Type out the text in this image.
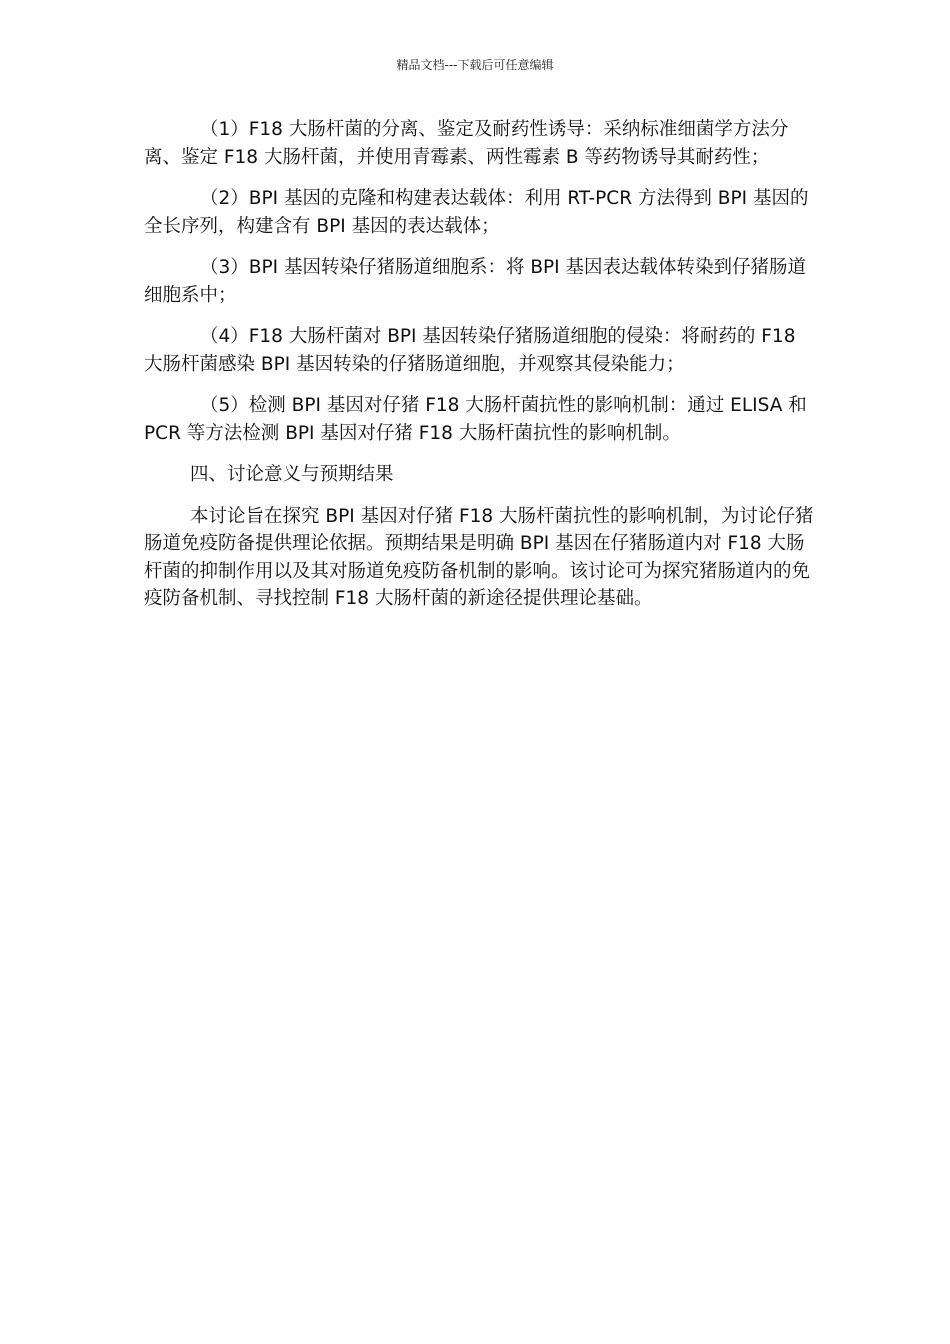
精品文档---下载后可任意编辑

（1）F18 大肠杆菌的分离、鉴定及耐药性诱导：采纳标准细菌学方法分离、鉴定 F18 大肠杆菌，并使用青霉素、两性霉素 B 等药物诱导其耐药性；

（2）BPI 基因的克隆和构建表达载体：利用 RT-PCR 方法得到 BPI 基因的全长序列，构建含有 BPI 基因的表达载体；

（3）BPI 基因转染仔猪肠道细胞系：将 BPI 基因表达载体转染到仔猪肠道细胞系中；

（4）F18 大肠杆菌对 BPI 基因转染仔猪肠道细胞的侵染：将耐药的 F18 大肠杆菌感染 BPI 基因转染的仔猪肠道细胞，并观察其侵染能力；

（5）检测 BPI 基因对仔猪 F18 大肠杆菌抗性的影响机制：通过 ELISA 和 PCR 等方法检测 BPI 基因对仔猪 F18 大肠杆菌抗性的影响机制。

四、讨论意义与预期结果

本讨论旨在探究 BPI 基因对仔猪 F18 大肠杆菌抗性的影响机制，为讨论仔猪肠道免疫防备提供理论依据。预期结果是明确 BPI 基因在仔猪肠道内对 F18 大肠杆菌的抑制作用以及其对肠道免疫防备机制的影响。该讨论可为探究猪肠道内的免疫防备机制、寻找控制 F18 大肠杆菌的新途径提供理论基础。
